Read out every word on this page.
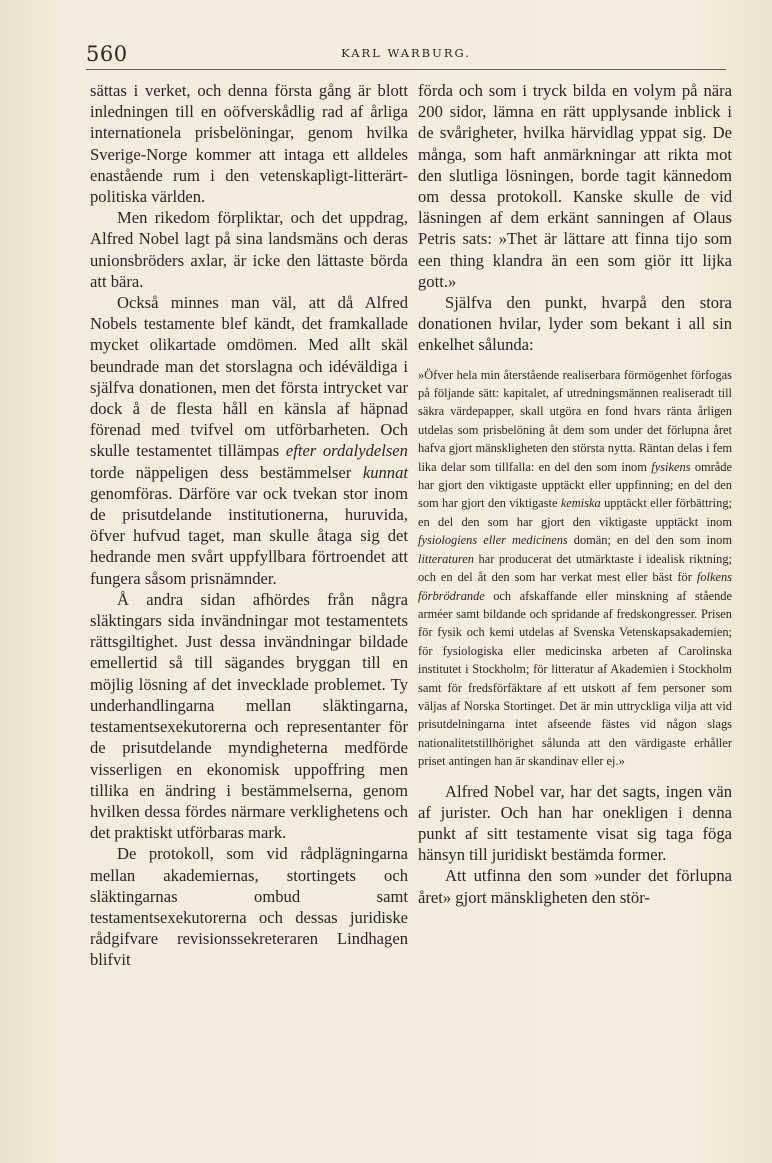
560	KARL WARBURG.

sättas i verket, och denna första gång är blott inledningen till en oöfverskådlig rad af årliga internationela prisbelöningar, genom hvilka Sverige-Norge kommer att intaga ett alldeles enastående rum i den vetenskapligt-litterärt-politiska världen.

Men rikedom förpliktar, och det uppdrag, Alfred Nobel lagt på sina landsmäns och deras unionsbröders axlar, är icke den lättaste börda att bära.

Också minnes man väl, att då Alfred Nobels testamente blef kändt, det framkallade mycket olikartade omdömen. Med allt skäl beundrade man det storslagna och idéväldiga i själfva donationen, men det första intrycket var dock å de flesta håll en känsla af häpnad förenad med tvifvel om utförbarheten. Och skulle testamentet tillämpas efter ordalydelsen torde näppeligen dess bestämmelser kunnat genomföras. Därföre var ock tvekan stor inom de prisutdelande institutionerna, huruvida, öfver hufvud taget, man skulle åtaga sig det hedrande men svårt uppfyllbara förtroendet att fungera såsom prisnämnder.

Å andra sidan afhördes från några släktingars sida invändningar mot testamentets rättsgiltighet. Just dessa invändningar bildade emellertid så till sägandes bryggan till en möjlig lösning af det invecklade problemet. Ty underhandlingarna mellan släktingarna, testamentsexekutorerna och representanter för de prisutdelande myndigheterna medförde visserligen en ekonomisk uppoffring men tillika en ändring i bestämmelserna, genom hvilken dessa fördes närmare verklighetens och det praktiskt utförbaras mark.

De protokoll, som vid rådplägningarna mellan akademiernas, stortingets och släktingarnas ombud samt testamentsexekutorerna och dessas juridiske rådgifvare revisionssekreteraren Lindhagen blifvit

förda och som i tryck bilda en volym på nära 200 sidor, lämna en rätt upplysande inblick i de svårigheter, hvilka härvidlag yppat sig. De många, som haft anmärkningar att rikta mot den slutliga lösningen, borde tagit kännedom om dessa protokoll. Kanske skulle de vid läsningen af dem erkänt sanningen af Olaus Petris sats: »Thet är lättare att finna tijo som een thing klandra än een som giör itt lijka gott.»

Själfva den punkt, hvarpå den stora donationen hvilar, lyder som bekant i all sin enkelhet sålunda:

»Öfver hela min återstående realiserbara förmögenhet förfogas på följande sätt: kapitalet, af utredningsmännen realiseradt till säkra värdepapper, skall utgöra en fond hvars ränta årligen utdelas som prisbelöning åt dem som under det förlupna året hafva gjort mänskligheten den största nytta. Räntan delas i fem lika delar som tillfalla: en del den som inom fysikens område har gjort den viktigaste upptäckt eller uppfinning; en del den som har gjort den viktigaste kemiska upptäckt eller förbättring; en del den som har gjort den viktigaste upptäckt inom fysiologiens eller medicinens domän; en del den som inom litteraturen har producerat det utmärktaste i idealisk riktning; och en del åt den som har verkat mest eller bäst för folkens förbrödrande och afskaffande eller minskning af stående arméer samt bildande och spridande af fredskongresser. Prisen för fysik och kemi utdelas af Svenska Vetenskapsakademien; för fysiologiska eller medicinska arbeten af Carolinska institutet i Stockholm; för litteratur af Akademien i Stockholm samt för fredsförfäktare af ett utskott af fem personer som väljas af Norska Stortinget. Det är min uttryckliga vilja att vid prisutdelningarna intet afseende fästes vid någon slags nationalitetstillhörighet sålunda att den värdigaste erhåller priset antingen han är skandinav eller ej.»

Alfred Nobel var, har det sagts, ingen vän af jurister. Och han har onekligen i denna punkt af sitt testamente visat sig taga föga hänsyn till juridiskt bestämda former.

Att utfinna den som »under det förlupna året» gjort mänskligheten den stör-
